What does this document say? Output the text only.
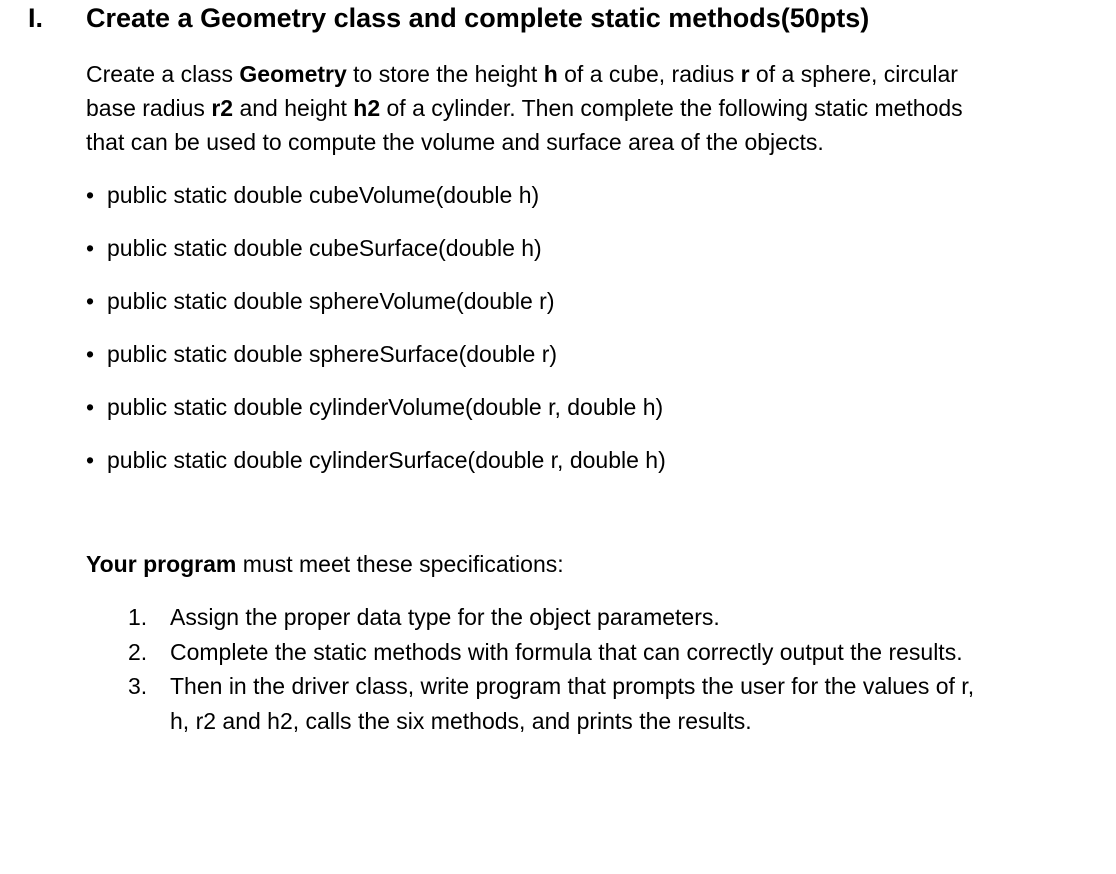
I. Create a Geometry class and complete static methods(50pts)
Create a class Geometry to store the height h of a cube, radius r of a sphere, circular
base radius r2 and height h2 of a cylinder. Then complete the following static methods
that can be used to compute the volume and surface area of the objects.
• public static double cubeVolume(double h)
• public static double cubeSurface(double h)
• public static double sphereVolume(double r)
• public static double sphereSurface(double r)
• public static double cylinderVolume(double r, double h)
• public static double cylinderSurface(double r, double h)
Your program must meet these specifications:
1. Assign the proper data type for the object parameters.
2. Complete the static methods with formula that can correctly output the results.
3. Then in the driver class, write program that prompts the user for the values of r,
h, r2 and h2, calls the six methods, and prints the results.
